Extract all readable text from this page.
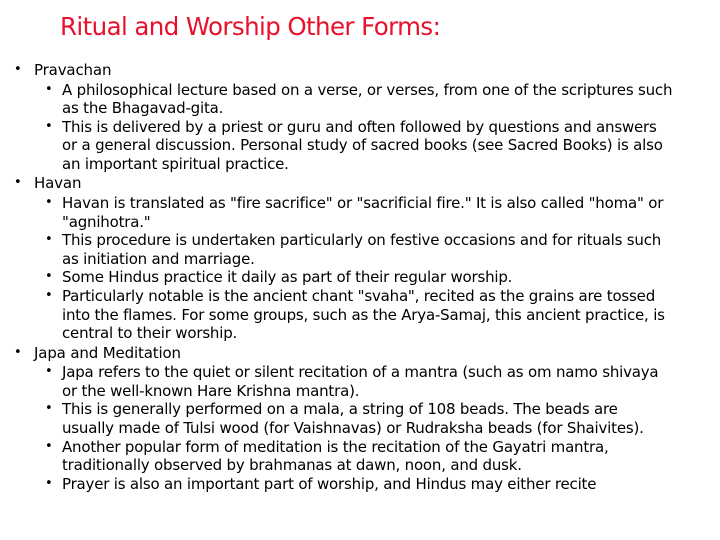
Ritual and Worship Other Forms:
• Pravachan
• A philosophical lecture based on a verse, or verses, from one of the scriptures such as the Bhagavad-gita.
• This is delivered by a priest or guru and often followed by questions and answers or a general discussion. Personal study of sacred books (see Sacred Books) is also an important spiritual practice.
• Havan
• Havan is translated as "fire sacrifice" or "sacrificial fire." It is also called "homa" or "agnihotra."
• This procedure is undertaken particularly on festive occasions and for rituals such as initiation and marriage.
• Some Hindus practice it daily as part of their regular worship.
• Particularly notable is the ancient chant "svaha", recited as the grains are tossed into the flames. For some groups, such as the Arya-Samaj, this ancient practice, is central to their worship.
• Japa and Meditation
• Japa refers to the quiet or silent recitation of a mantra (such as om namo shivaya or the well-known Hare Krishna mantra).
• This is generally performed on a mala, a string of 108 beads. The beads are usually made of Tulsi wood (for Vaishnavas) or Rudraksha beads (for Shaivites).
• Another popular form of meditation is the recitation of the Gayatri mantra, traditionally observed by brahmanas at dawn, noon, and dusk.
• Prayer is also an important part of worship, and Hindus may either recite
